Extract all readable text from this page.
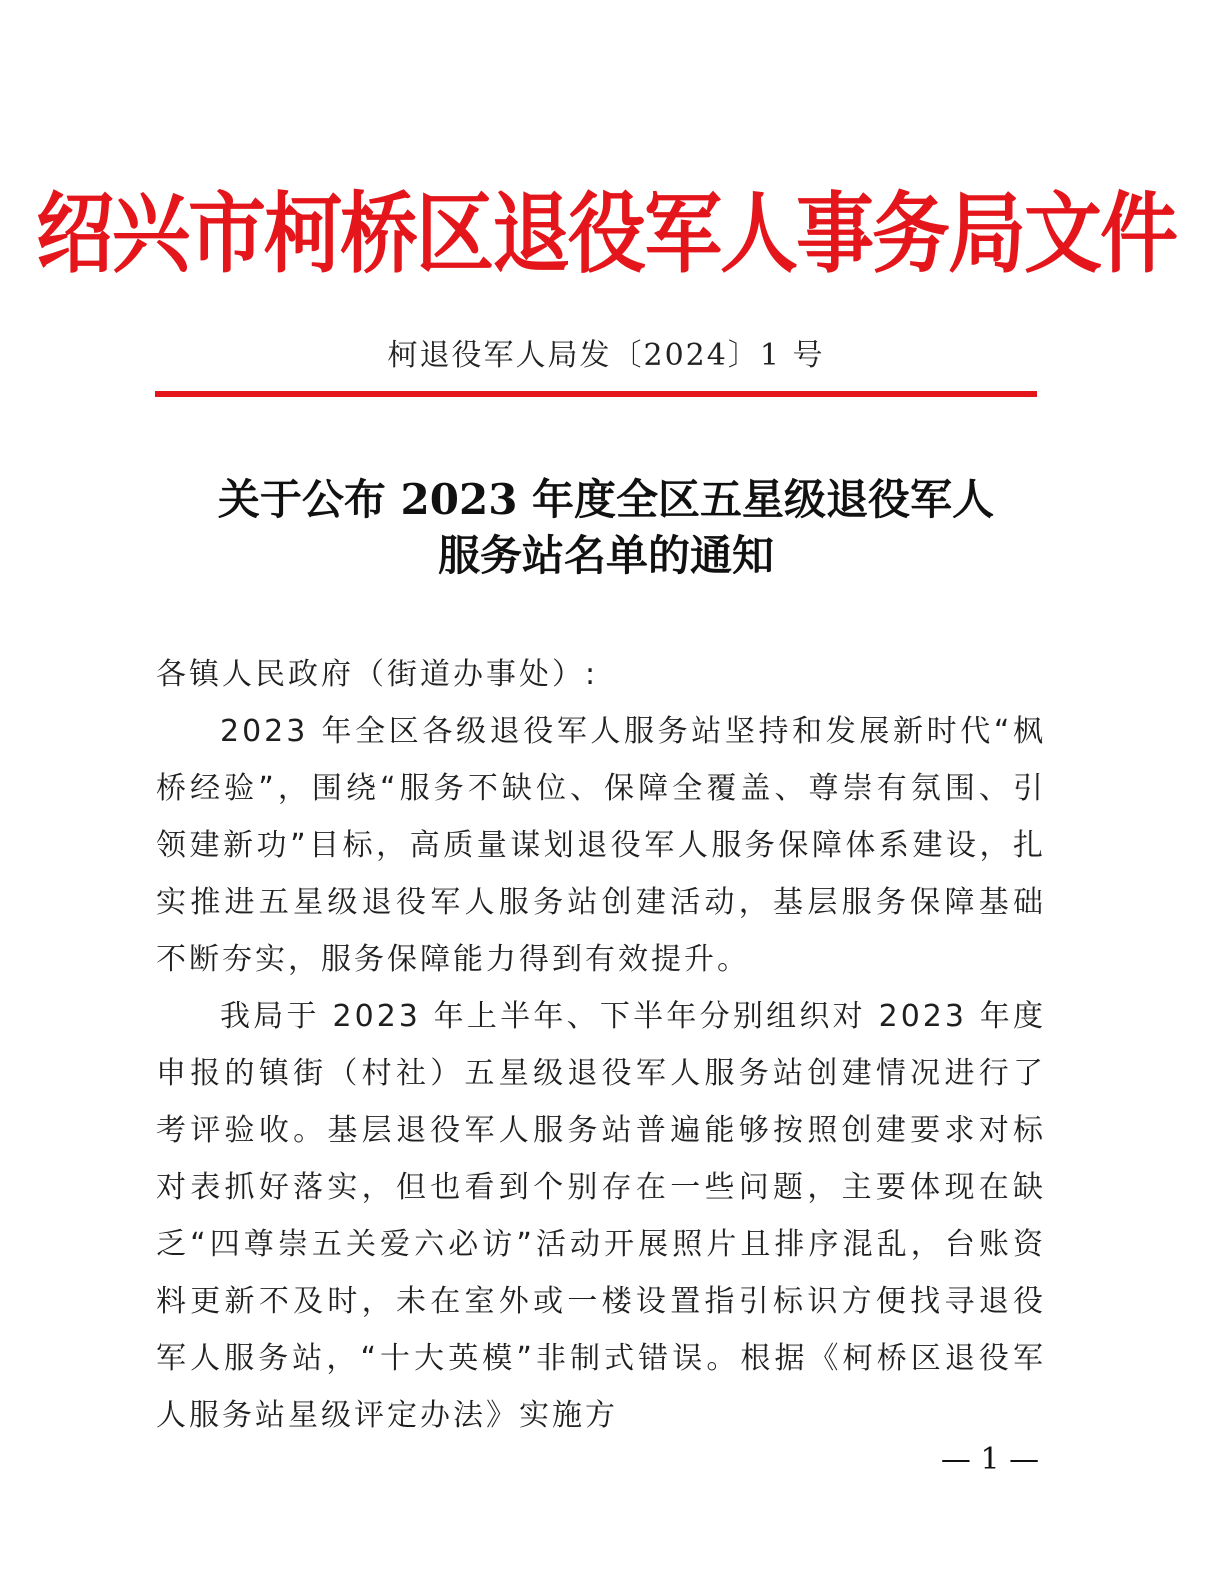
绍兴市柯桥区退役军人事务局文件
柯退役军人局发〔2024〕1 号
关于公布 2023 年度全区五星级退役军人
服务站名单的通知

各镇人民政府（街道办事处）:

2023 年全区各级退役军人服务站坚持和发展新时代“枫桥经验”，围绕“服务不缺位、保障全覆盖、尊崇有氛围、引领建新功”目标，高质量谋划退役军人服务保障体系建设，扎实推进五星级退役军人服务站创建活动，基层服务保障基础不断夯实，服务保障能力得到有效提升。

我局于 2023 年上半年、下半年分别组织对 2023 年度申报的镇街（村社）五星级退役军人服务站创建情况进行了考评验收。基层退役军人服务站普遍能够按照创建要求对标对表抓好落实，但也看到个别存在一些问题，主要体现在缺乏“四尊崇五关爱六必访”活动开展照片且排序混乱，台账资料更新不及时，未在室外或一楼设置指引标识方便找寻退役军人服务站，“十大英模”非制式错误。根据《柯桥区退役军人服务站星级评定办法》实施方

— 1 —
